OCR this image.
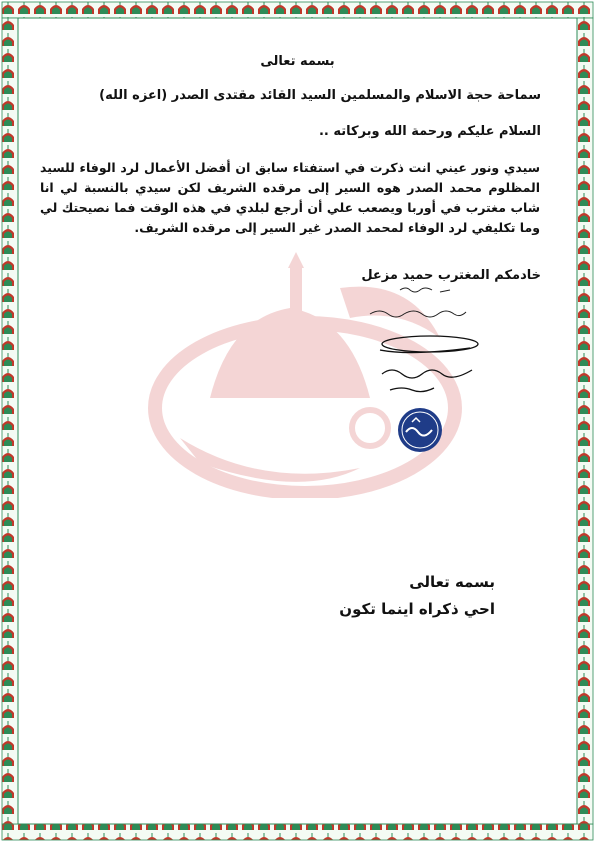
بسمه تعالى
سماحة حجة الاسلام والمسلمين السيد القائد مقتدى الصدر (اعزه الله)
السلام عليكم ورحمة الله وبركاته ..
سيدي ونور عيني انت ذكرت في استفتاء سابق ان أفضل الأعمال لرد الوفاء للسيد المظلوم محمد الصدر هوه السير إلى مرقده الشريف لكن سيدي بالنسبة لي انا شاب مغترب في أوربا ويصعب علي أن أرجع لبلدي في هذه الوقت فما نصيحتك لي وما تكليفي لرد الوفاء لمحمد الصدر غير السير إلى مرقده الشريف.
خادمكم المغترب حميد مزعل
بسمه تعالى
احي ذكراه اينما تكون
